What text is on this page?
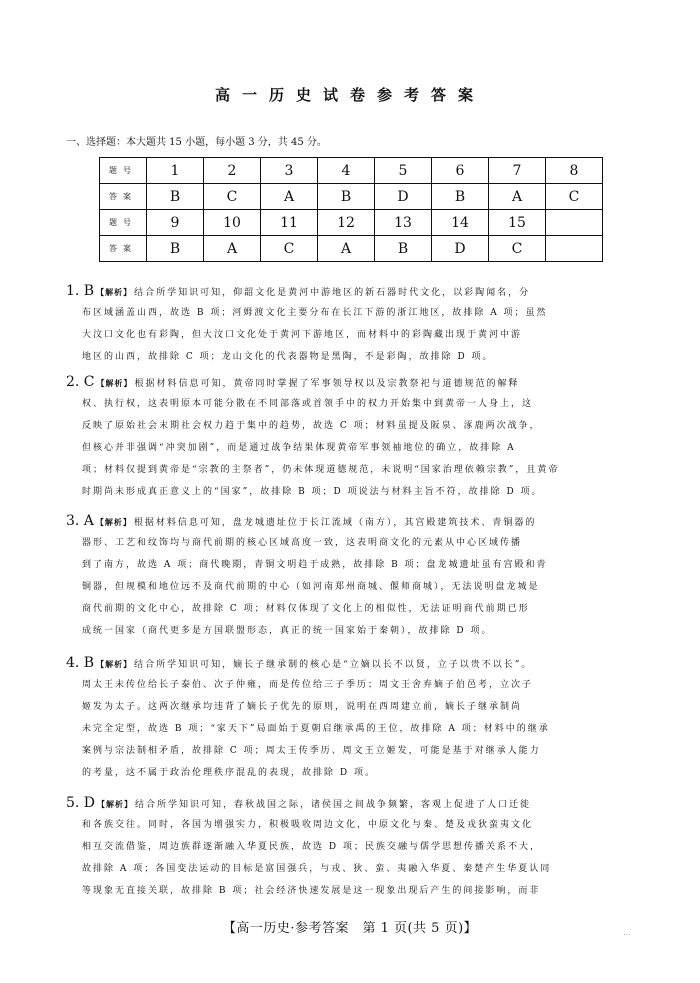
高一历史试卷参考答案
一、选择题：本大题共 15 小题，每小题 3 分，共 45 分。
题号	1	2	3	4	5	6	7	8
答案	B	C	A	B	D	B	A	C
题号	9	10	11	12	13	14	15	
答案	B	A	C	A	B	D	C	
1. B 【解析】 结合所学知识可知，仰韶文化是黄河中游地区的新石器时代文化，以彩陶闻名，分
布区域涵盖山西，故选 B 项；河姆渡文化主要分布在长江下游的浙江地区，故排除 A 项；虽然
大汶口文化也有彩陶，但大汶口文化处于黄河下游地区，而材料中的彩陶藏出现于黄河中游
地区的山西，故排除 C 项；龙山文化的代表器物是黑陶，不是彩陶，故排除 D 项。
2. C 【解析】 根据材料信息可知，黄帝同时掌握了军事领导权以及宗教祭祀与道德规范的解释
权、执行权，这表明原本可能分散在不同部落或首领手中的权力开始集中到黄帝一人身上，这
反映了原始社会末期社会权力趋于集中的趋势，故选 C 项；材料虽提及阪泉、涿鹿两次战争，
但核心并非强调“冲突加剧”，而是通过战争结果体现黄帝军事领袖地位的确立，故排除 A
项；材料仅提到黄帝是“宗教的主祭者”，仍未体现道德规范，未说明“国家治理依赖宗教”，且黄帝
时期尚未形成真正意义上的“国家”，故排除 B 项；D 项说法与材料主旨不符，故排除 D 项。
3. A 【解析】 根据材料信息可知，盘龙城遗址位于长江流域（南方），其宫殿建筑技术、青铜器的
器形、工艺和纹饰均与商代前期的核心区域高度一致，这表明商文化的元素从中心区域传播
到了南方，故选 A 项；商代晚期，青铜文明趋于成熟，故排除 B 项；盘龙城遗址虽有宫殿和青
铜器，但规模和地位远不及商代前期的中心（如河南郑州商城、偃师商城），无法说明盘龙城是
商代前期的文化中心，故排除 C 项；材料仅体现了文化上的相似性，无法证明商代前期已形
成统一国家（商代更多是方国联盟形态，真正的统一国家始于秦朝），故排除 D 项。
4. B 【解析】 结合所学知识可知，嫡长子继承制的核心是“立嫡以长不以贤，立子以贵不以长”。
周太王未传位给长子泰伯、次子仲雍，而是传位给三子季历；周文王舍弃嫡子伯邑考，立次子
姬发为太子。这两次继承均违背了嫡长子优先的原则，说明在西周建立前，嫡长子继承制尚
未完全定型，故选 B 项；“家天下”局面始于夏朝启继承禹的王位，故排除 A 项；材料中的继承
案例与宗法制相矛盾，故排除 C 项；周太王传季历、周文王立姬发，可能是基于对继承人能力
的考量，这不属于政治伦理秩序混乱的表现，故排除 D 项。
5. D 【解析】 结合所学知识可知，春秋战国之际，诸侯国之间战争频繁，客观上促进了人口迁徙
和各族交往。同时，各国为增强实力，积极吸收周边文化，中原文化与秦、楚及戎狄蛮夷文化
相互交流借鉴，周边族群逐渐融入华夏民族，故选 D 项；民族交融与儒学思想传播关系不大，
故排除 A 项；各国变法运动的目标是富国强兵，与戎、狄、蛮、夷融入华夏、秦楚产生华夏认同
等现象无直接关联，故排除 B 项；社会经济快速发展是这一现象出现后产生的间接影响，而非
【高一历史·参考答案　第 1 页(共 5 页)】	…
